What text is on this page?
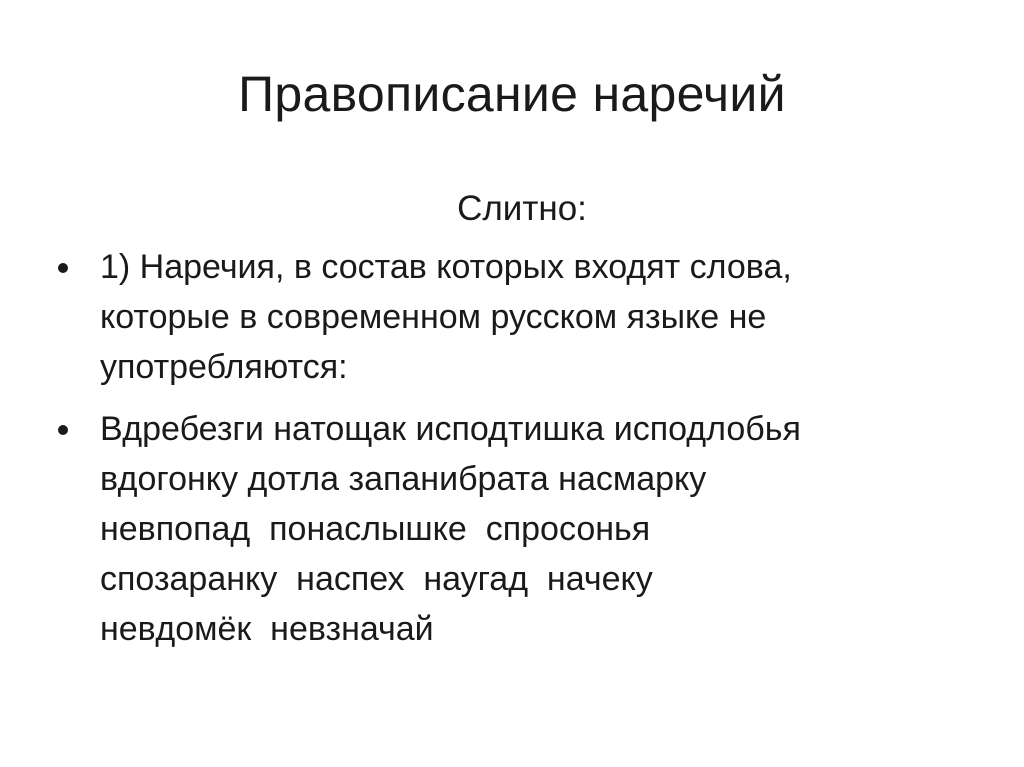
Правописание наречий
Слитно:
1) Наречия, в состав которых входят слова,
которые в современном русском языке не
употребляются:
Вдребезги натощак исподтишка исподлобья
вдогонку дотла запанибрата насмарку
невпопад  понаслышке  спросонья
спозаранку  наспех  наугад  начеку
невдомёк  невзначай
